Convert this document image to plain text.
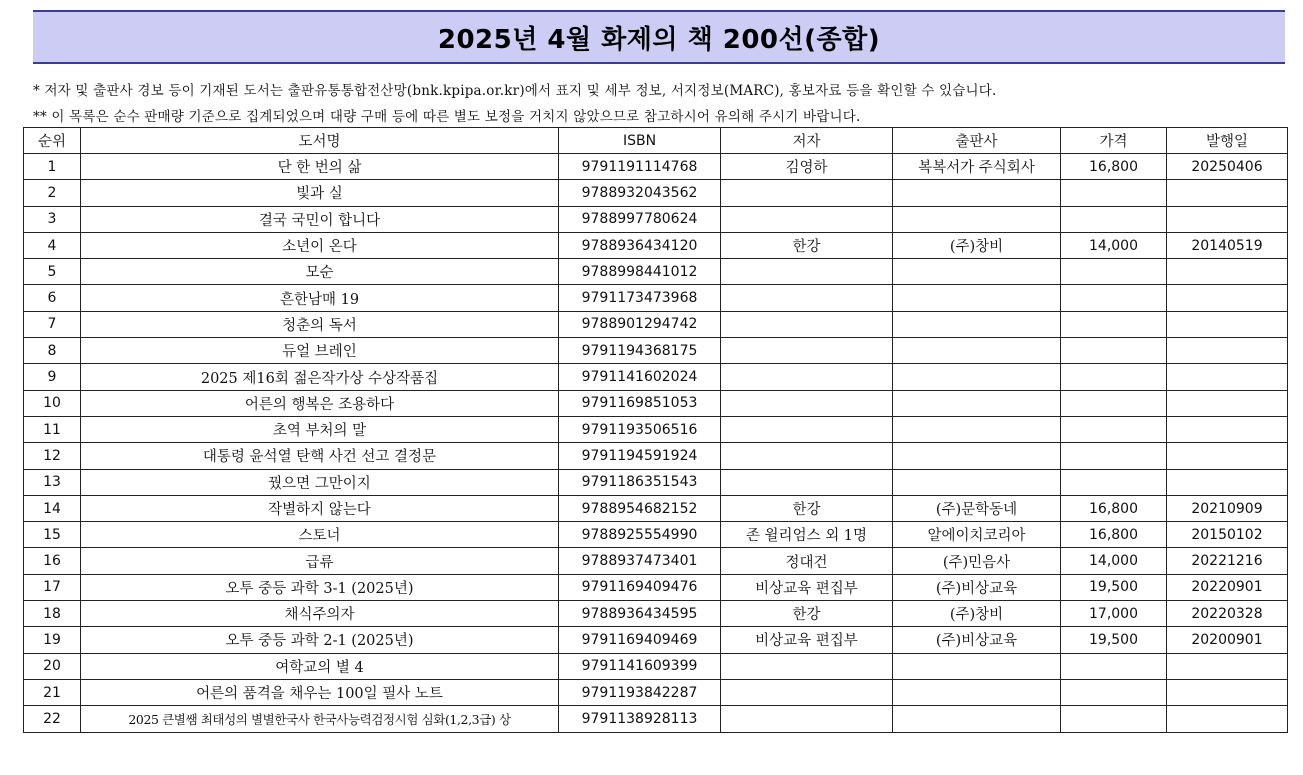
2025년 4월 화제의 책 200선(종합)
* 저자 및 출판사 경보 등이 기재된 도서는 출판유통통합전산망(bnk.kpipa.or.kr)에서 표지 및 세부 정보, 서지정보(MARC), 홍보자료 등을 확인할 수 있습니다.
** 이 목록은 순수 판매량 기준으로 집계되었으며 대량 구매 등에 따른 별도 보정을 거치지 않았으므로 참고하시어 유의해 주시기 바랍니다.
순위	도서명	ISBN	저자	출판사	가격	발행일
1	단 한 번의 삶	9791191114768	김영하	복복서가 주식회사	16,800	20250406
2	빛과 실	9788932043562				
3	결국 국민이 합니다	9788997780624				
4	소년이 온다	9788936434120	한강	(주)창비	14,000	20140519
5	모순	9788998441012				
6	흔한남매 19	9791173473968				
7	청춘의 독서	9788901294742				
8	듀얼 브레인	9791194368175				
9	2025 제16회 젊은작가상 수상작품집	9791141602024				
10	어른의 행복은 조용하다	9791169851053				
11	초역 부처의 말	9791193506516				
12	대통령 윤석열 탄핵 사건 선고 결정문	9791194591924				
13	꿨으면 그만이지	9791186351543				
14	작별하지 않는다	9788954682152	한강	(주)문학동네	16,800	20210909
15	스토너	9788925554990	존 윌리엄스 외 1명	알에이치코리아	16,800	20150102
16	급류	9788937473401	정대건	(주)민음사	14,000	20221216
17	오투 중등 과학 3-1 (2025년)	9791169409476	비상교육 편집부	(주)비상교육	19,500	20220901
18	채식주의자	9788936434595	한강	(주)창비	17,000	20220328
19	오투 중등 과학 2-1 (2025년)	9791169409469	비상교육 편집부	(주)비상교육	19,500	20200901
20	여학교의 별 4	9791141609399				
21	어른의 품격을 채우는 100일 필사 노트	9791193842287				
22	2025 큰별쌤 최태성의 별별한국사 한국사능력검정시험 심화(1,2,3급) 상	9791138928113				
